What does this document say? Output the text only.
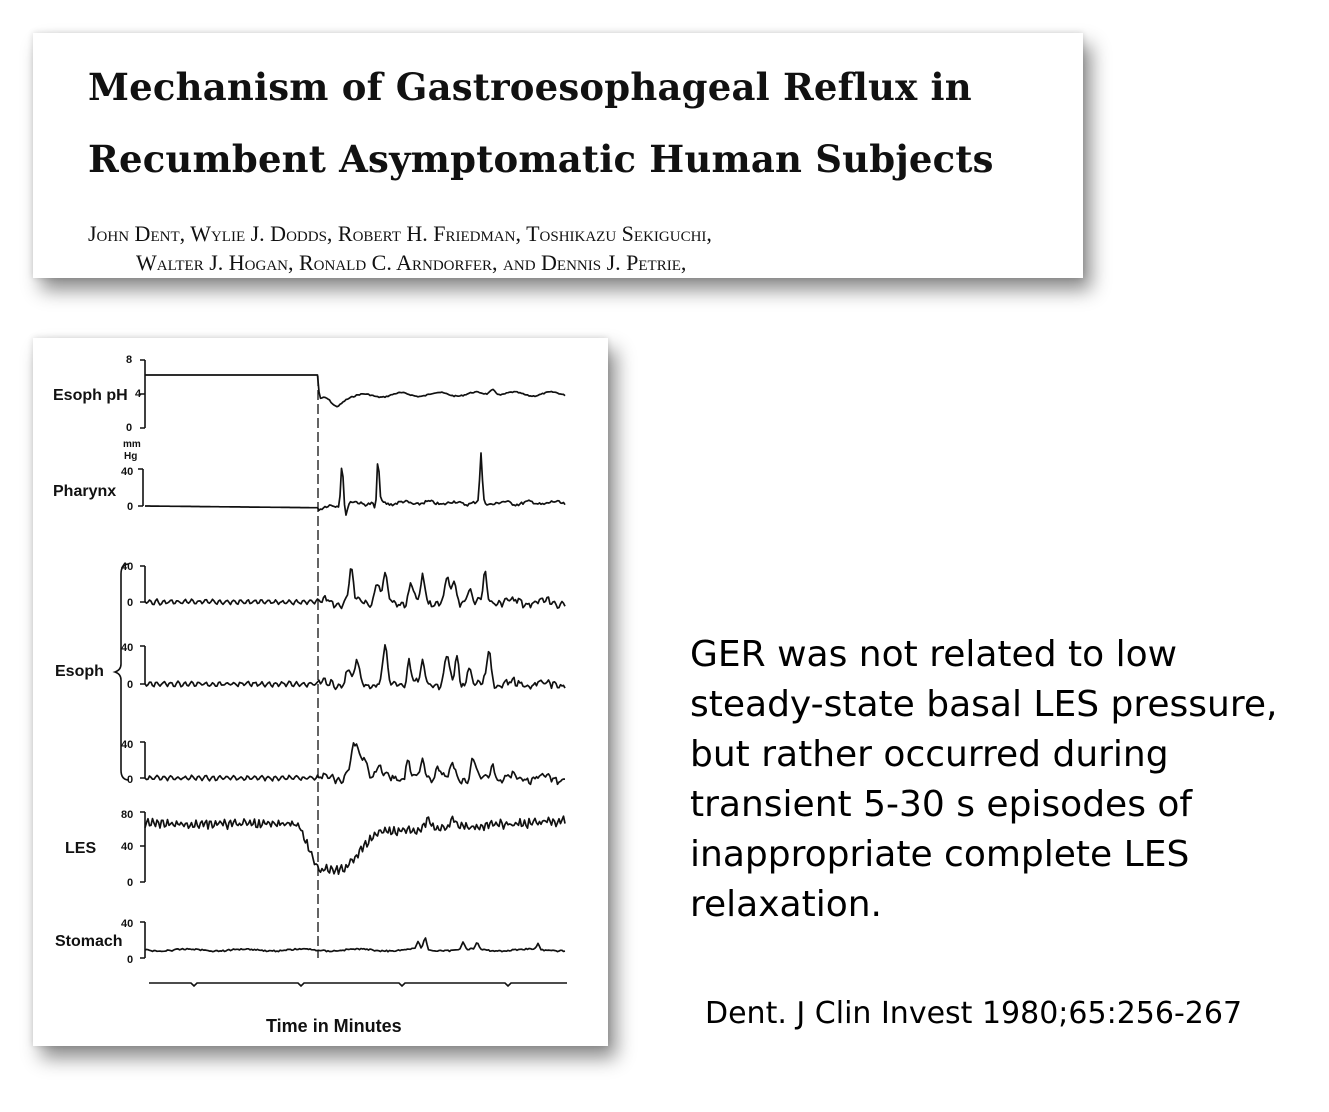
Mechanism of Gastroesophageal Reflux in
Recumbent Asymptomatic Human Subjects
John Dent, Wylie J. Dodds, Robert H. Friedman, Toshikazu Sekiguchi,
Walter J. Hogan, Ronald C. Arndorfer, and Dennis J. Petrie,
Esoph pH
8
4
0
mm
Hg
40
0
Pharynx
40
0
40
0
40
0
Esoph
80
40
0
LES
40
0
Stomach
Time in Minutes
GER was not related to low steady-state basal LES pressure, but rather occurred during transient 5-30 s episodes of inappropriate complete LES relaxation.
Dent. J Clin Invest 1980;65:256-267
